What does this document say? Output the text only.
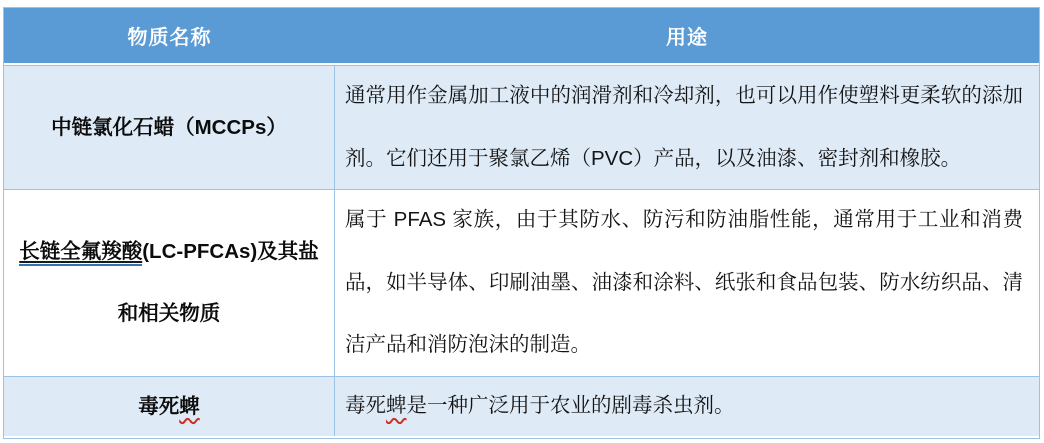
物质名称	用途
中链氯化石蜡（MCCPs）
通常用作金属加工液中的润滑剂和冷却剂，也可以用作使塑料更柔软的添加剂。它们还用于聚氯乙烯（PVC）产品，以及油漆、密封剂和橡胶。
长链全氟羧酸(LC-PFCAs)及其盐
和相关物质
属于 PFAS 家族，由于其防水、防污和防油脂性能，通常用于工业和消费品，如半导体、印刷油墨、油漆和涂料、纸张和食品包装、防水纺织品、清洁产品和消防泡沫的制造。
毒死蜱	毒死蜱是一种广泛用于农业的剧毒杀虫剂。
